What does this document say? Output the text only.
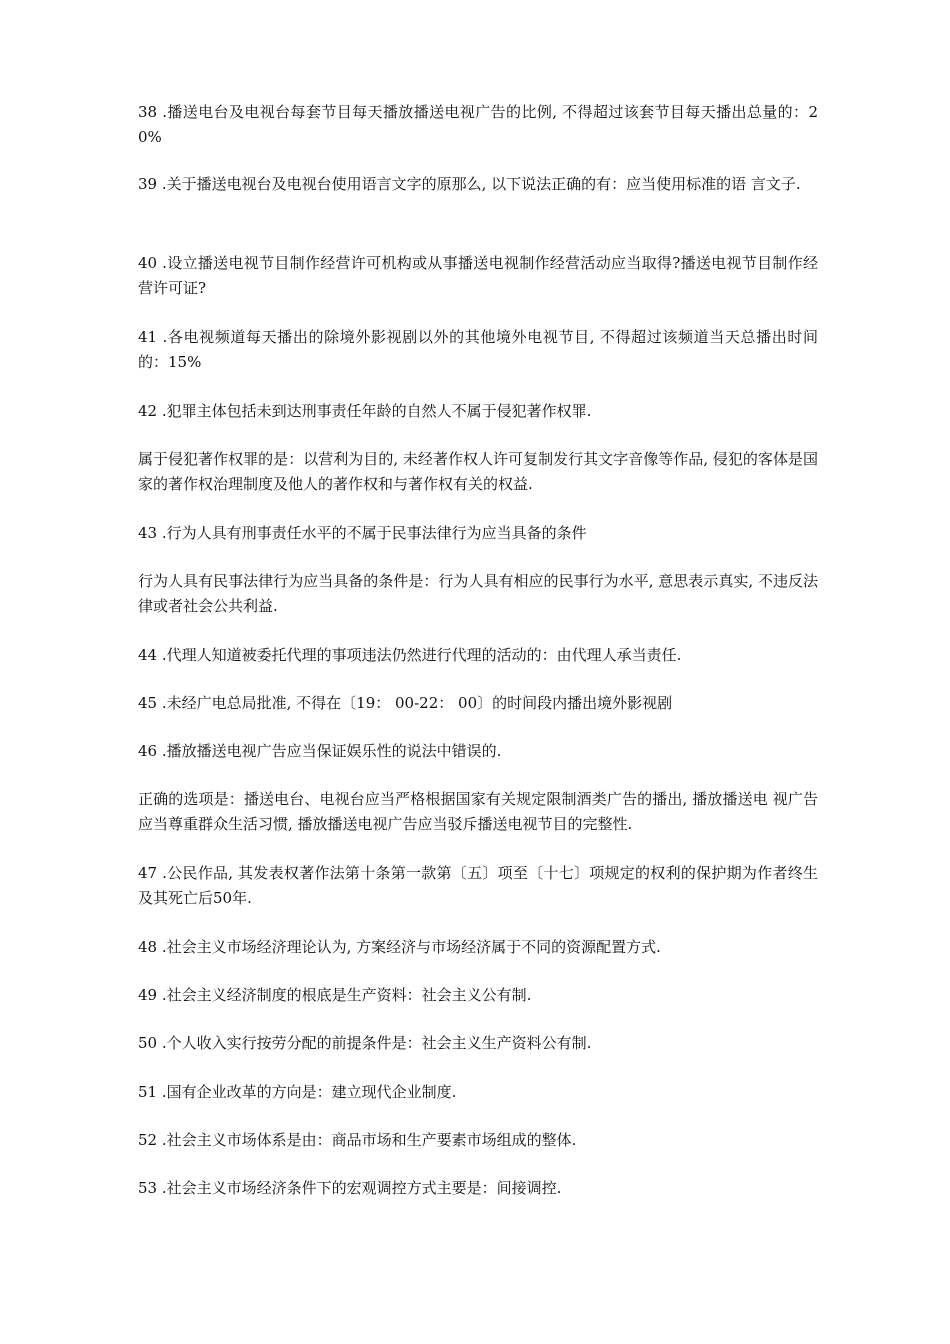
38 .播送电台及电视台每套节目每天播放播送电视广告的比例, 不得超过该套节目每天播出总量的：20%

39 .关于播送电视台及电视台使用语言文字的原那么, 以下说法正确的有：应当使用标准的语 言文子.

40 .设立播送电视节目制作经营许可机构或从事播送电视制作经营活动应当取得?播送电视节目制作经营许可证?

41 .各电视频道每天播出的除境外影视剧以外的其他境外电视节目, 不得超过该频道当天总播出时间的：15%

42 .犯罪主体包括未到达刑事责任年龄的自然人不属于侵犯著作权罪.

属于侵犯著作权罪的是：以营利为目的, 未经著作权人许可复制发行其文字音像等作品, 侵犯的客体是国家的著作权治理制度及他人的著作权和与著作权有关的权益.

43 .行为人具有刑事责任水平的不属于民事法律行为应当具备的条件

行为人具有民事法律行为应当具备的条件是：行为人具有相应的民事行为水平, 意思表示真实, 不违反法律或者社会公共利益.

44 .代理人知道被委托代理的事项违法仍然进行代理的活动的：由代理人承当责任.

45 .未经广电总局批准, 不得在〔19： 00-22： 00〕的时间段内播出境外影视剧

46 .播放播送电视广告应当保证娱乐性的说法中错误的.

正确的选项是：播送电台、电视台应当严格根据国家有关规定限制酒类广告的播出, 播放播送电 视广告应当尊重群众生活习惯, 播放播送电视广告应当驳斥播送电视节目的完整性.

47 .公民作品, 其发表权著作法第十条第一款第〔五〕项至〔十七〕项规定的权利的保护期为作者终生及其死亡后50年.

48 .社会主义市场经济理论认为, 方案经济与市场经济属于不同的资源配置方式.

49 .社会主义经济制度的根底是生产资料：社会主义公有制.

50 .个人收入实行按劳分配的前提条件是：社会主义生产资料公有制.

51 .国有企业改革的方向是：建立现代企业制度.

52 .社会主义市场体系是由：商品市场和生产要素市场组成的整体.

53 .社会主义市场经济条件下的宏观调控方式主要是：间接调控.
